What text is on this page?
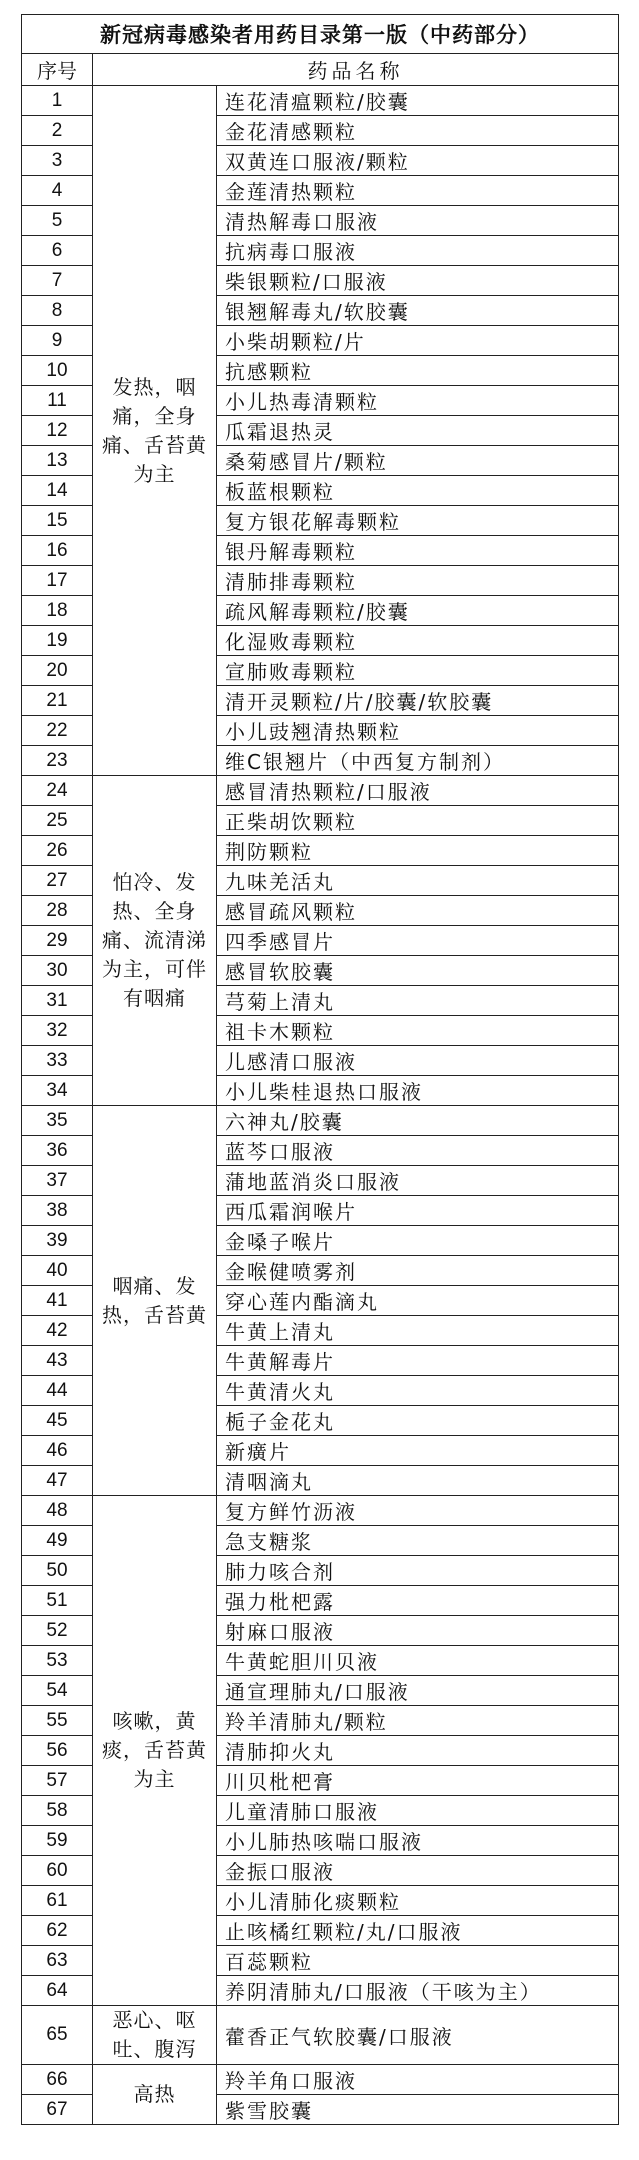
新冠病毒感染者用药目录第一版（中药部分）		
序号	药品名称	
1	发热，咽痛，全身痛、舌苔黄为主	连花清瘟颗粒/胶囊
2		金花清感颗粒
3		双黄连口服液/颗粒
4		金莲清热颗粒
5		清热解毒口服液
6		抗病毒口服液
7		柴银颗粒/口服液
8		银翘解毒丸/软胶囊
9		小柴胡颗粒/片
10		抗感颗粒
11		小儿热毒清颗粒
12		瓜霜退热灵
13		桑菊感冒片/颗粒
14		板蓝根颗粒
15		复方银花解毒颗粒
16		银丹解毒颗粒
17		清肺排毒颗粒
18		疏风解毒颗粒/胶囊
19		化湿败毒颗粒
20		宣肺败毒颗粒
21		清开灵颗粒/片/胶囊/软胶囊
22		小儿豉翘清热颗粒
23		维C银翘片（中西复方制剂）
24	怕冷、发热、全身痛、流清涕为主，可伴有咽痛	感冒清热颗粒/口服液
25		正柴胡饮颗粒
26		荆防颗粒
27		九味羌活丸
28		感冒疏风颗粒
29		四季感冒片
30		感冒软胶囊
31		芎菊上清丸
32		祖卡木颗粒
33		儿感清口服液
34		小儿柴桂退热口服液
35	咽痛、发热，舌苔黄	六神丸/胶囊
36		蓝芩口服液
37		蒲地蓝消炎口服液
38		西瓜霜润喉片
39		金嗓子喉片
40		金喉健喷雾剂
41		穿心莲内酯滴丸
42		牛黄上清丸
43		牛黄解毒片
44		牛黄清火丸
45		栀子金花丸
46		新癀片
47		清咽滴丸
48	咳嗽，黄痰，舌苔黄为主	复方鲜竹沥液
49		急支糖浆
50		肺力咳合剂
51		强力枇杷露
52		射麻口服液
53		牛黄蛇胆川贝液
54		通宣理肺丸/口服液
55		羚羊清肺丸/颗粒
56		清肺抑火丸
57		川贝枇杷膏
58		儿童清肺口服液
59		小儿肺热咳喘口服液
60		金振口服液
61		小儿清肺化痰颗粒
62		止咳橘红颗粒/丸/口服液
63		百蕊颗粒
64		养阴清肺丸/口服液（干咳为主）
65	恶心、呕吐、腹泻	藿香正气软胶囊/口服液
66	高热	羚羊角口服液
67		紫雪胶囊
